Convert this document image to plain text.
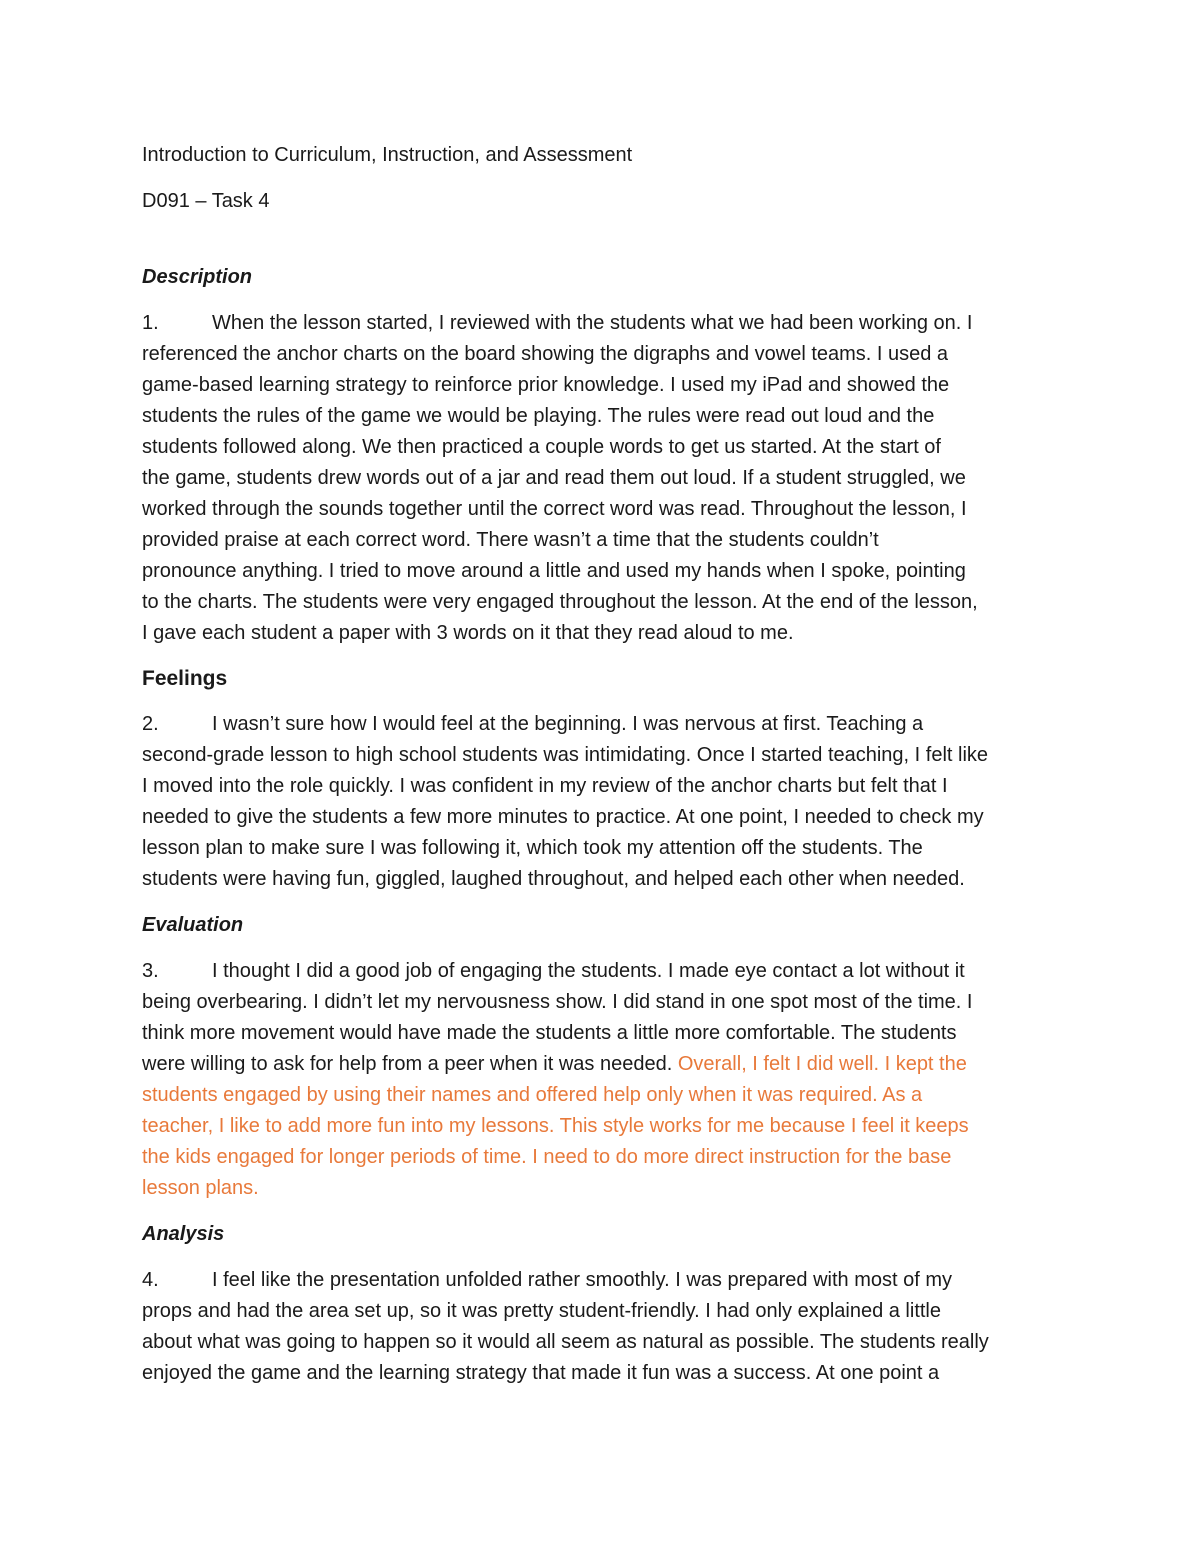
Introduction to Curriculum, Instruction, and Assessment

D091 – Task 4

Description

1.	When the lesson started, I reviewed with the students what we had been working on. I

referenced the anchor charts on the board showing the digraphs and vowel teams. I used a

game-based learning strategy to reinforce prior knowledge. I used my iPad and showed the

students the rules of the game we would be playing. The rules were read out loud and the

students followed along. We then practiced a couple words to get us started. At the start of

the game, students drew words out of a jar and read them out loud. If a student struggled, we

worked through the sounds together until the correct word was read. Throughout the lesson, I

provided praise at each correct word. There wasn’t a time that the students couldn’t

pronounce anything. I tried to move around a little and used my hands when I spoke, pointing

to the charts. The students were very engaged throughout the lesson. At the end of the lesson,

I gave each student a paper with 3 words on it that they read aloud to me.

Feelings

2.	I wasn’t sure how I would feel at the beginning. I was nervous at first. Teaching a

second-grade lesson to high school students was intimidating. Once I started teaching, I felt like

I moved into the role quickly. I was confident in my review of the anchor charts but felt that I

needed to give the students a few more minutes to practice. At one point, I needed to check my

lesson plan to make sure I was following it, which took my attention off the students. The

students were having fun, giggled, laughed throughout, and helped each other when needed.

Evaluation

3.	I thought I did a good job of engaging the students. I made eye contact a lot without it

being overbearing. I didn’t let my nervousness show. I did stand in one spot most of the time. I

think more movement would have made the students a little more comfortable. The students

were willing to ask for help from a peer when it was needed. Overall, I felt I did well. I kept the

students engaged by using their names and offered help only when it was required. As a

teacher, I like to add more fun into my lessons. This style works for me because I feel it keeps

the kids engaged for longer periods of time. I need to do more direct instruction for the base

lesson plans.

Analysis

4.	I feel like the presentation unfolded rather smoothly. I was prepared with most of my

props and had the area set up, so it was pretty student-friendly. I had only explained a little

about what was going to happen so it would all seem as natural as possible. The students really

enjoyed the game and the learning strategy that made it fun was a success. At one point a
